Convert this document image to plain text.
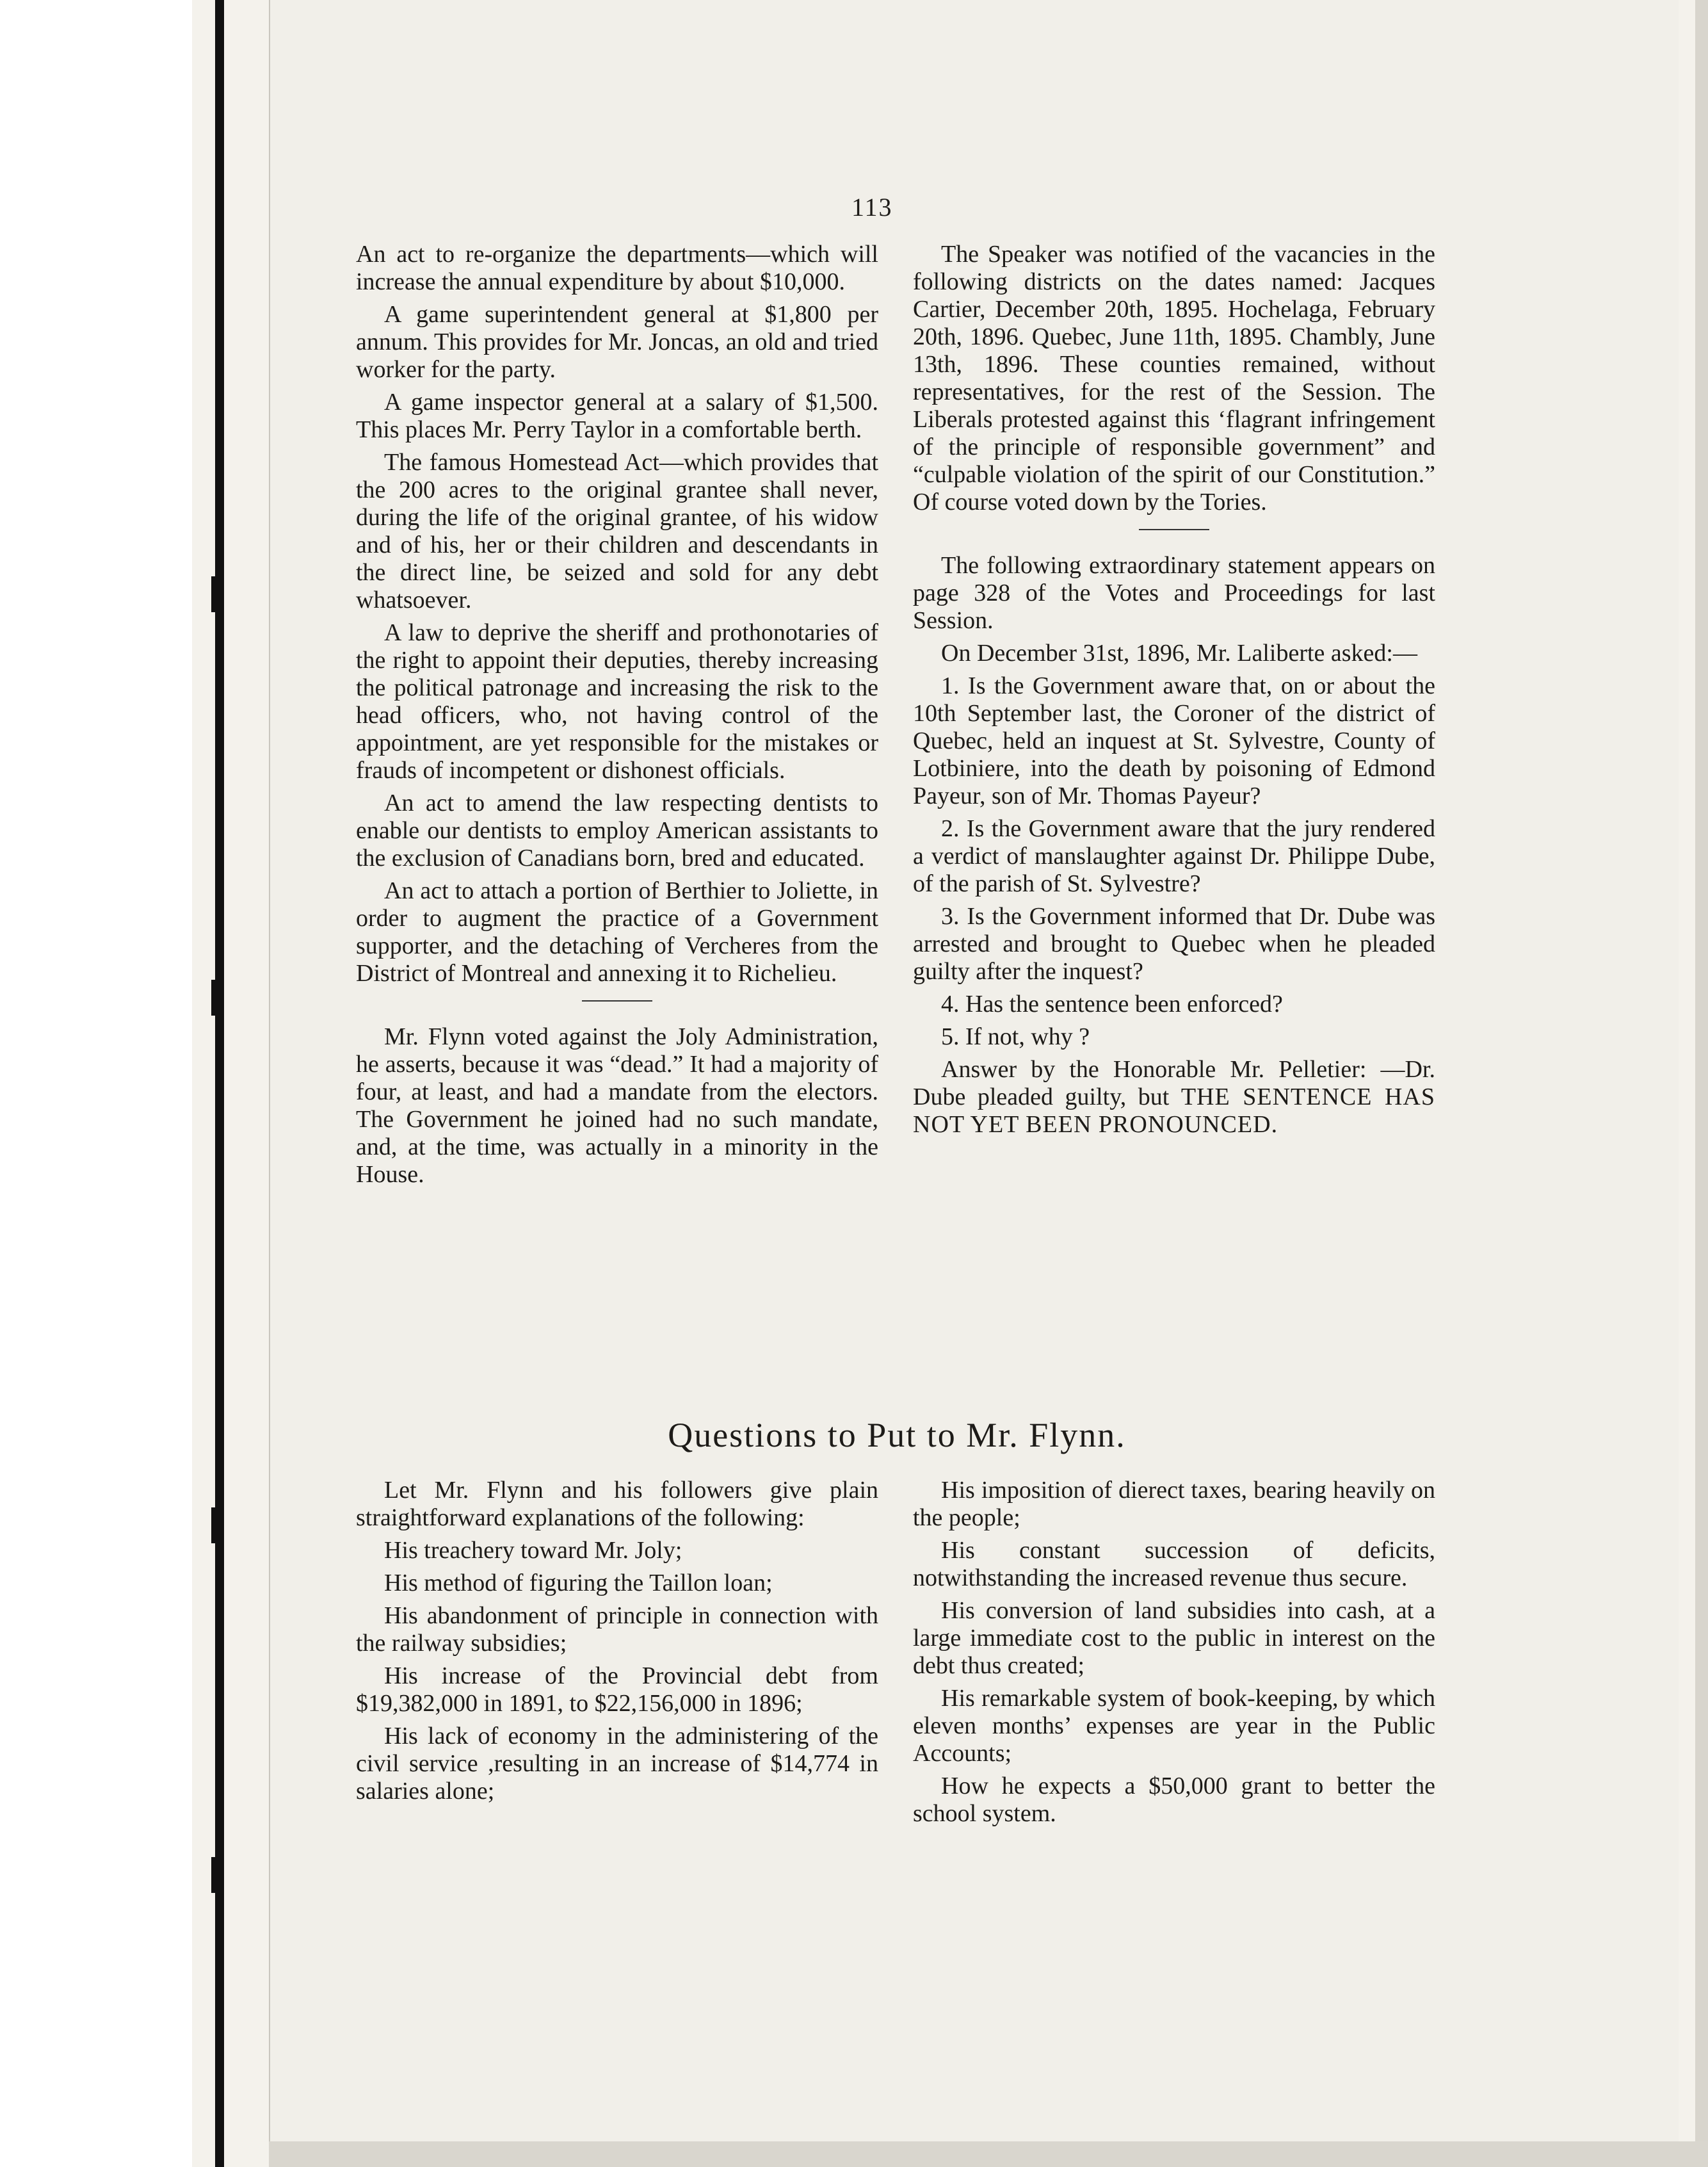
113

An act to re-organize the departments—which will increase the annual expenditure by about $10,000.

A game superintendent general at $1,800 per annum. This provides for Mr. Joncas, an old and tried worker for the party.

A game inspector general at a salary of $1,500. This places Mr. Perry Taylor in a comfortable berth.

The famous Homestead Act—which provides that the 200 acres to the original grantee shall never, during the life of the original grantee, of his widow and of his, her or their children and descendants in the direct line, be seized and sold for any debt whatsoever.

A law to deprive the sheriff and prothonotaries of the right to appoint their deputies, thereby increasing the political patronage and increasing the risk to the head officers, who, not having control of the appointment, are yet responsible for the mistakes or frauds of incompetent or dishonest officials.

An act to amend the law respecting dentists to enable our dentists to employ American assistants to the exclusion of Canadians born, bred and educated.

An act to attach a portion of Berthier to Joliette, in order to augment the practice of a Government supporter, and the detaching of Vercheres from the District of Montreal and annexing it to Richelieu.

Mr. Flynn voted against the Joly Administration, he asserts, because it was “dead.” It had a majority of four, at least, and had a mandate from the electors. The Government he joined had no such mandate, and, at the time, was actually in a minority in the House.

The Speaker was notified of the vacancies in the following districts on the dates named: Jacques Cartier, December 20th, 1895. Hochelaga, February 20th, 1896. Quebec, June 11th, 1895. Chambly, June 13th, 1896. These counties remained, without representatives, for the rest of the Session. The Liberals protested against this ‘flagrant infringement of the principle of responsible government” and “culpable violation of the spirit of our Constitution.” Of course voted down by the Tories.

The following extraordinary statement appears on page 328 of the Votes and Proceedings for last Session.

On December 31st, 1896, Mr. Laliberte asked:—

1. Is the Government aware that, on or about the 10th September last, the Coroner of the district of Quebec, held an inquest at St. Sylvestre, County of Lotbiniere, into the death by poisoning of Edmond Payeur, son of Mr. Thomas Payeur?

2. Is the Government aware that the jury rendered a verdict of manslaughter against Dr. Philippe Dube, of the parish of St. Sylvestre?

3. Is the Government informed that Dr. Dube was arrested and brought to Quebec when he pleaded guilty after the inquest?

4. Has the sentence been enforced?

5. If not, why ?

Answer by the Honorable Mr. Pelletier: —Dr. Dube pleaded guilty, but THE SENTENCE HAS NOT YET BEEN PRONOUNCED.

Questions to Put to Mr. Flynn.

Let Mr. Flynn and his followers give plain straightforward explanations of the following:

His treachery toward Mr. Joly;

His method of figuring the Taillon loan;

His abandonment of principle in connection with the railway subsidies;

His increase of the Provincial debt from $19,382,000 in 1891, to $22,156,000 in 1896;

His lack of economy in the administering of the civil service ,resulting in an increase of $14,774 in salaries alone;

His imposition of dierect taxes, bearing heavily on the people;

His constant succession of deficits, notwithstanding the increased revenue thus secure.

His conversion of land subsidies into cash, at a large immediate cost to the public in interest on the debt thus created;

His remarkable system of book-keeping, by which eleven months’ expenses are year in the Public Accounts;

How he expects a $50,000 grant to better the school system.
